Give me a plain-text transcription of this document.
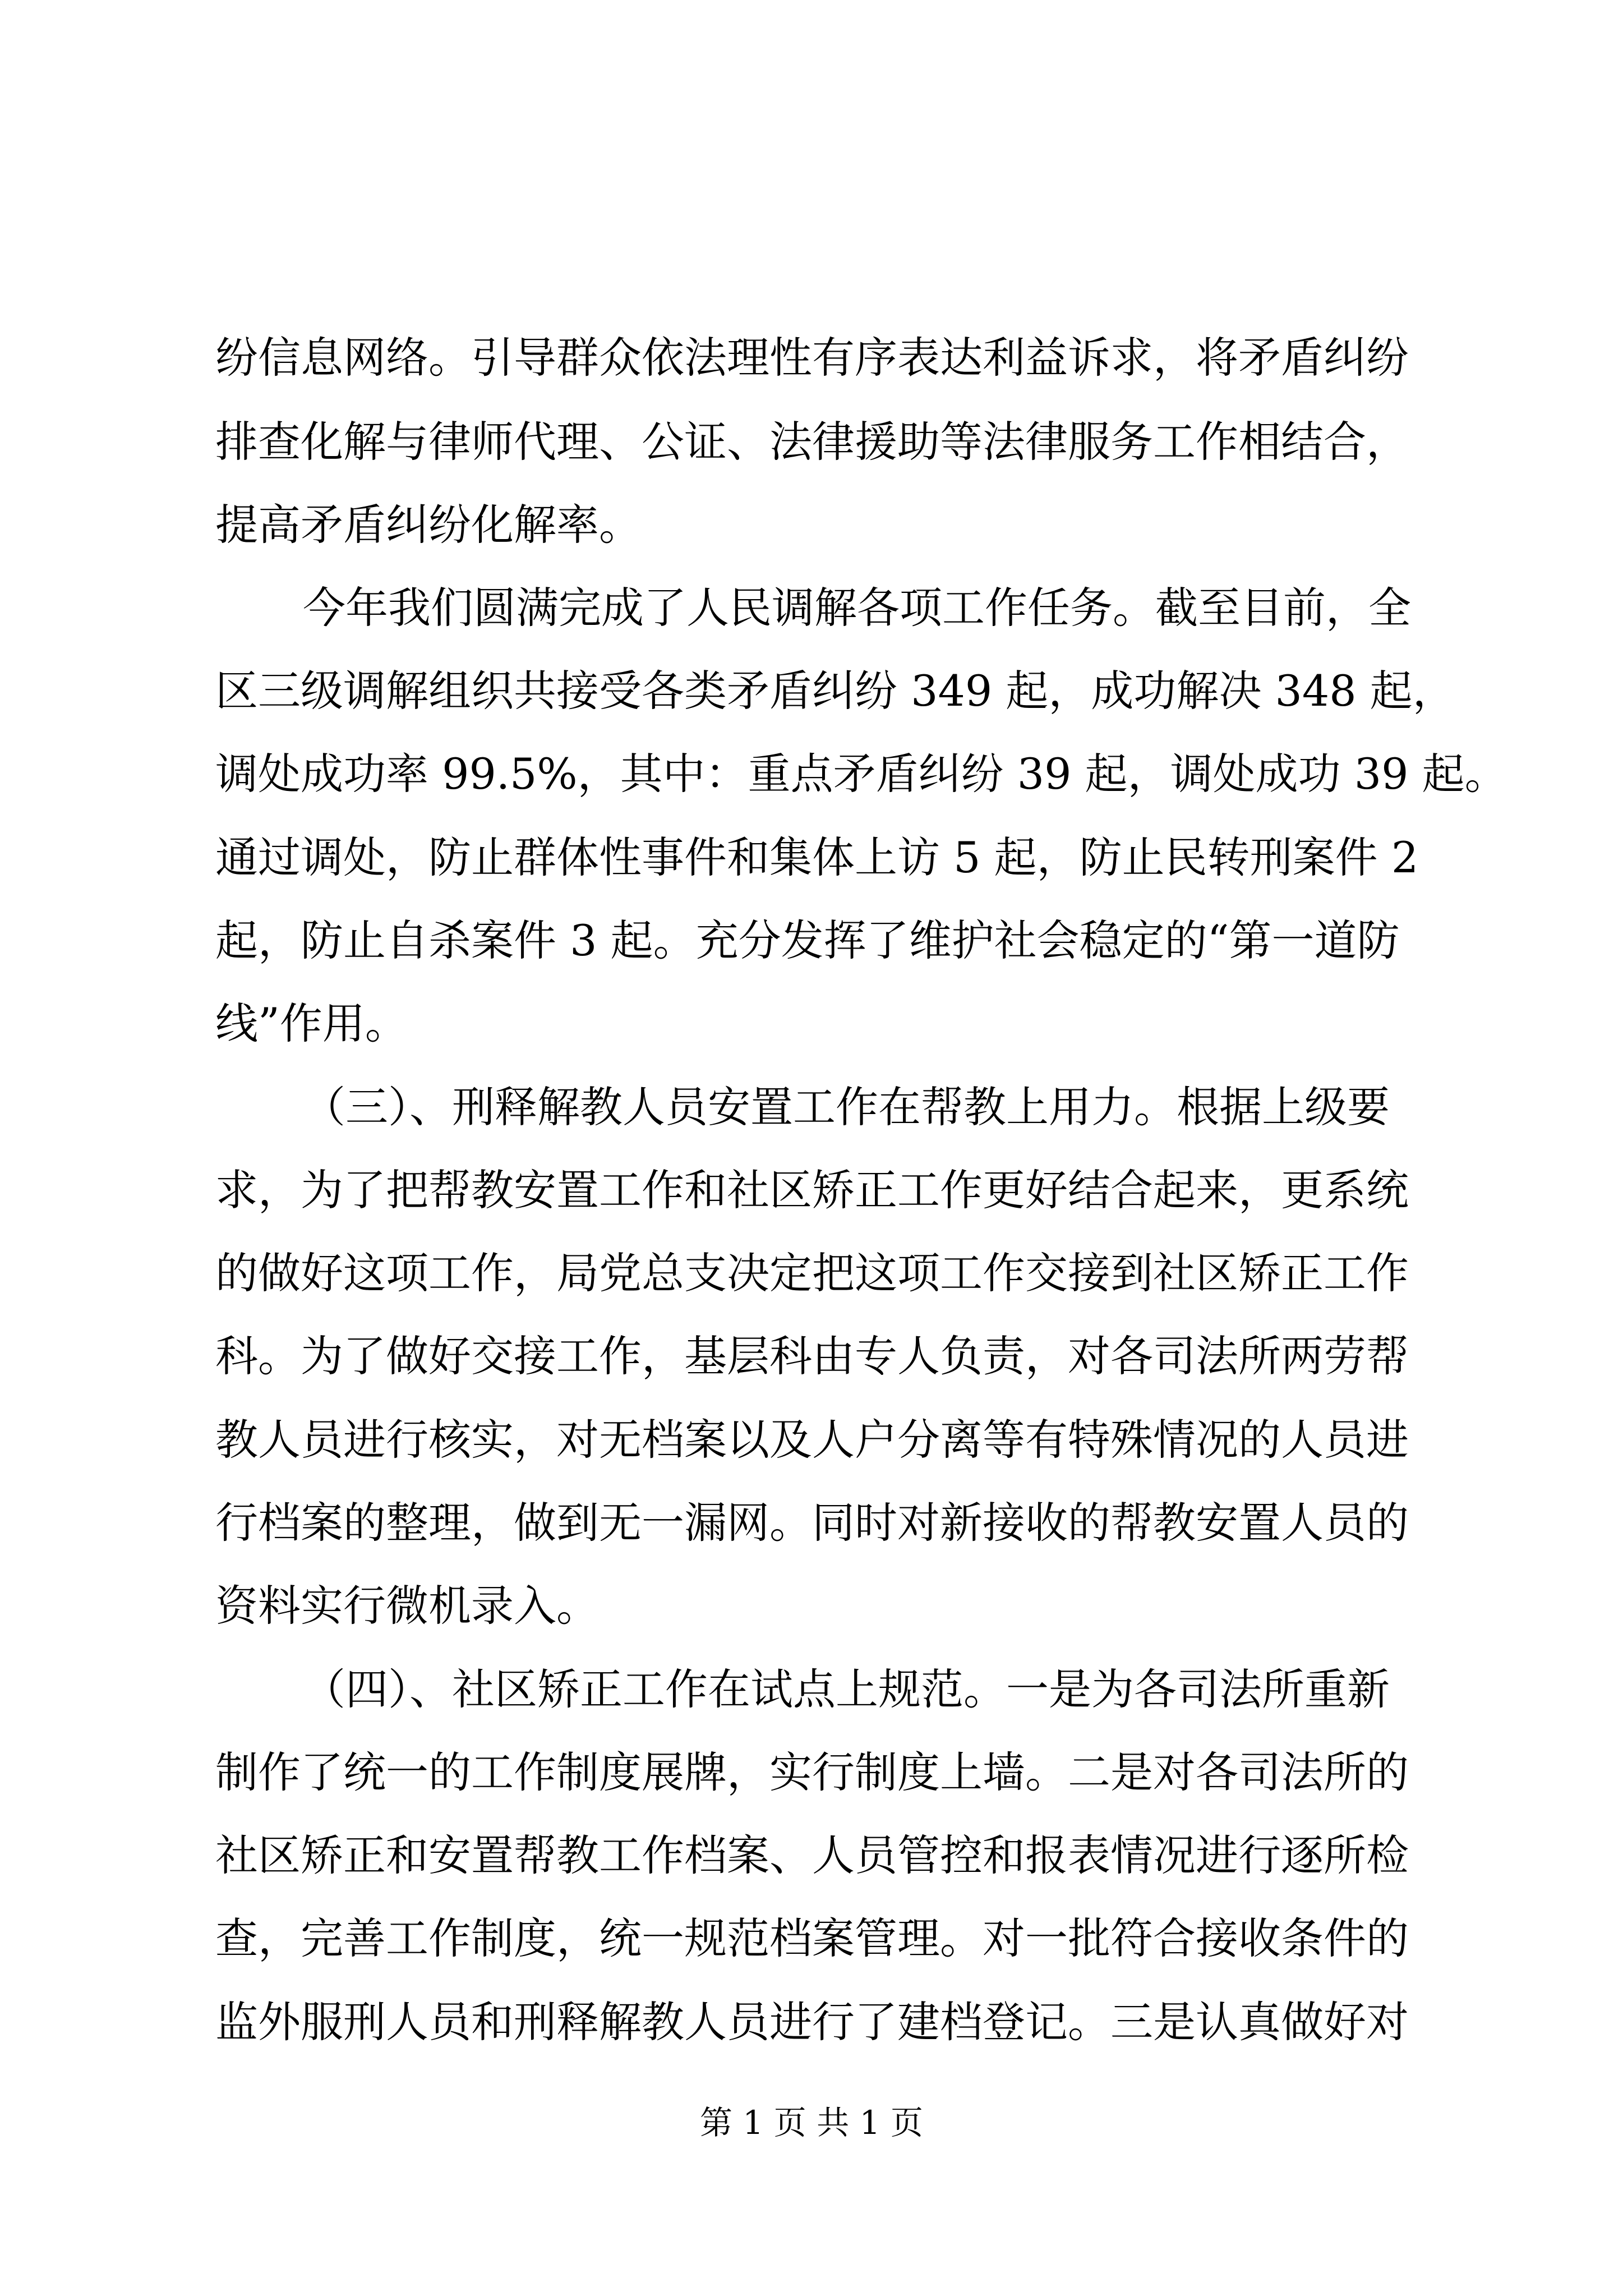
纷信息网络。引导群众依法理性有序表达利益诉求，将矛盾纠纷
排查化解与律师代理、公证、法律援助等法律服务工作相结合，
提高矛盾纠纷化解率。
今年我们圆满完成了人民调解各项工作任务。截至目前，全
区三级调解组织共接受各类矛盾纠纷 349 起，成功解决 348 起，
调处成功率 99.5%，其中：重点矛盾纠纷 39 起，调处成功 39 起。
通过调处，防止群体性事件和集体上访 5 起，防止民转刑案件 2
起，防止自杀案件 3 起。充分发挥了维护社会稳定的“第一道防
线”作用。
（三）、刑释解教人员安置工作在帮教上用力。根据上级要
求，为了把帮教安置工作和社区矫正工作更好结合起来，更系统
的做好这项工作，局党总支决定把这项工作交接到社区矫正工作
科。为了做好交接工作，基层科由专人负责，对各司法所两劳帮
教人员进行核实，对无档案以及人户分离等有特殊情况的人员进
行档案的整理，做到无一漏网。同时对新接收的帮教安置人员的
资料实行微机录入。
（四）、社区矫正工作在试点上规范。一是为各司法所重新
制作了统一的工作制度展牌，实行制度上墙。二是对各司法所的
社区矫正和安置帮教工作档案、人员管控和报表情况进行逐所检
查，完善工作制度，统一规范档案管理。对一批符合接收条件的
监外服刑人员和刑释解教人员进行了建档登记。三是认真做好对
第 1 页 共 1 页
